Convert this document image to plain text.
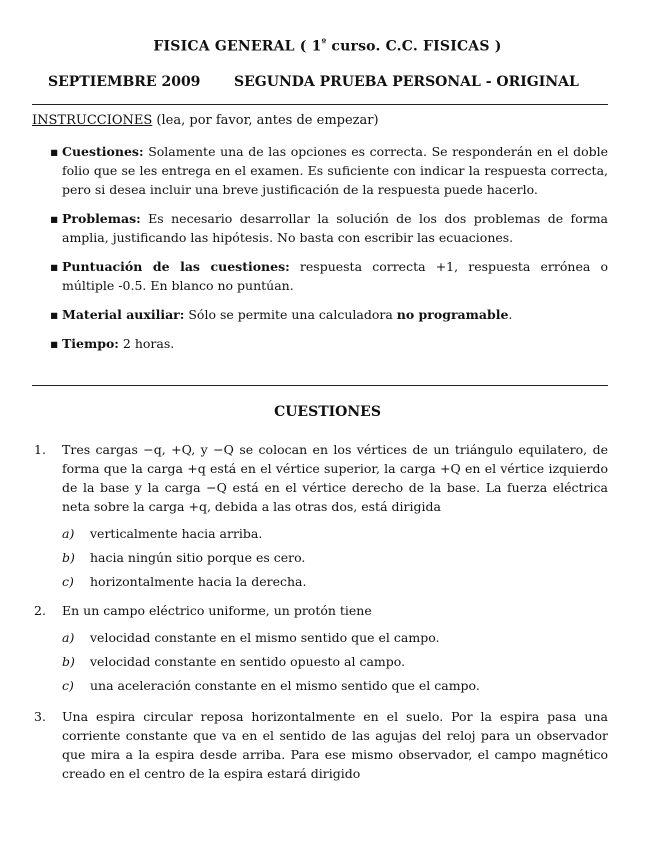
FISICA GENERAL ( $1^º$ curso. C.C. FISICAS )
SEPTIEMBRE 2009 SEGUNDA PRUEBA PERSONAL - ORIGINAL
INSTRUCCIONES (lea, por favor, antes de empezar)
▪ Cuestiones: Solamente una de las opciones es correcta. Se responderán en el doble folio que se les entrega en el examen. Es suficiente con indicar la respuesta correcta, pero si desea incluir una breve justificación de la respuesta puede hacerlo.
▪ Problemas: Es necesario desarrollar la solución de los dos problemas de forma amplia, justificando las hipótesis. No basta con escribir las ecuaciones.
▪ Puntuación de las cuestiones: respuesta correcta +1, respuesta errónea o múltiple -0.5. En blanco no puntúan.
▪ Material auxiliar: Sólo se permite una calculadora no programable.
▪ Tiempo: 2 horas.
CUESTIONES
1. Tres cargas −q, +Q, y −Q se colocan en los vértices de un triángulo equilatero, de forma que la carga +q está en el vértice superior, la carga +Q en el vértice izquierdo de la base y la carga −Q está en el vértice derecho de la base. La fuerza eléctrica neta sobre la carga +q, debida a las otras dos, está dirigida
a) verticalmente hacia arriba.
b) hacia ningún sitio porque es cero.
c) horizontalmente hacia la derecha.
2. En un campo eléctrico uniforme, un protón tiene
a) velocidad constante en el mismo sentido que el campo.
b) velocidad constante en sentido opuesto al campo.
c) una aceleración constante en el mismo sentido que el campo.
3. Una espira circular reposa horizontalmente en el suelo. Por la espira pasa una corriente constante que va en el sentido de las agujas del reloj para un observador que mira a la espira desde arriba. Para ese mismo observador, el campo magnético creado en el centro de la espira estará dirigido
